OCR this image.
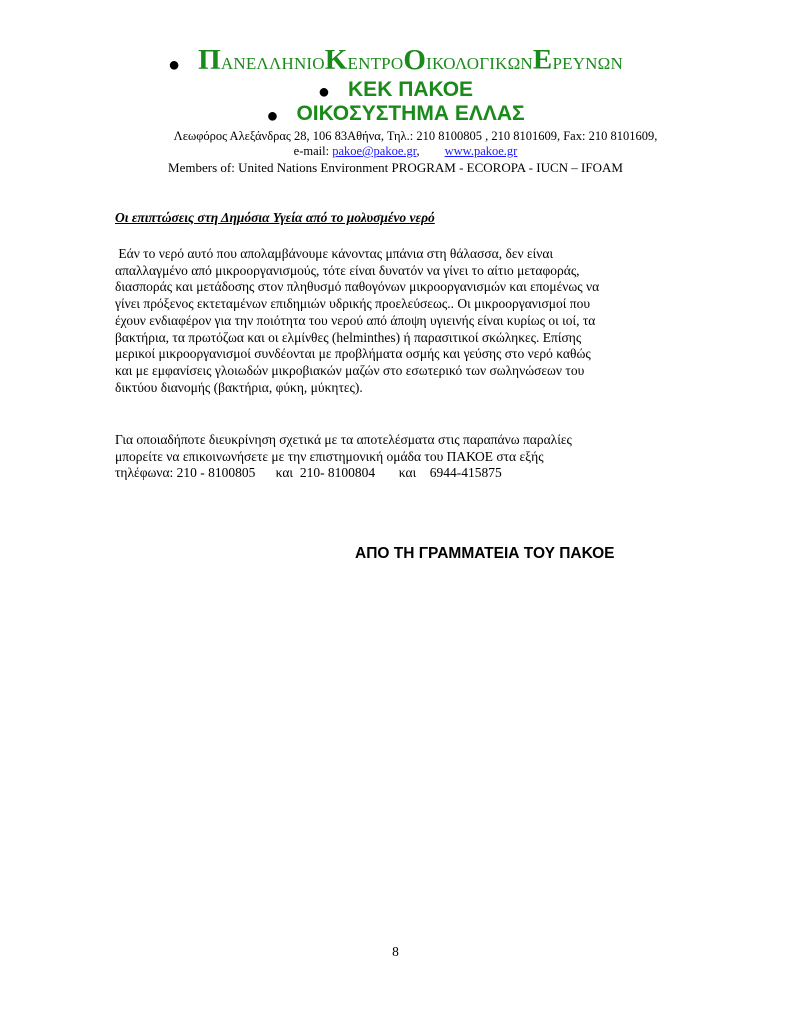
● ΠΑΝΕΛΛΗΝΙΟΚΕΝΤΡΟΟΙΚΟΛΟΓΙΚΩΝΕΡΕΥΝΩΝ
● ΚΕΚ ΠΑΚΟΕ
● ΟΙΚΟΣΥΣΤΗΜΑ ΕΛΛΑΣ
Λεωφόρος Αλεξάνδρας 28, 106 83Αθήνα, Τηλ.: 210 8100805 , 210 8101609, Fax: 210 8101609,
e-mail: pakoe@pakoe.gr,        www.pakoe.gr
Members of: United Nations Environment PROGRAM - ECOROPA - IUCN – IFOAM
Οι επιπτώσεις στη Δημόσια Υγεία από το μολυσμένο νερό
Εάν το νερό αυτό που απολαμβάνουμε κάνοντας μπάνια στη θάλασσα, δεν είναι
απαλλαγμένο από μικροοργανισμούς, τότε είναι δυνατόν να γίνει το αίτιο μεταφοράς,
διασποράς και μετάδοσης στον πληθυσμό παθογόνων μικροοργανισμών και επομένως να
γίνει πρόξενος εκτεταμένων επιδημιών υδρικής προελεύσεως.. Οι μικροοργανισμοί που
έχουν ενδιαφέρον για την ποιότητα του νερού από άποψη υγιεινής είναι κυρίως οι ιοί, τα
βακτήρια, τα πρωτόζωα και οι ελμίνθες (helminthes) ή παρασιτικοί σκώληκες. Επίσης
μερικοί μικροοργανισμοί συνδέονται με προβλήματα οσμής και γεύσης στο νερό καθώς
και με εμφανίσεις γλοιωδών μικροβιακών μαζών στο εσωτερικό των σωληνώσεων του
δικτύου διανομής (βακτήρια, φύκη, μύκητες).
Για οποιαδήποτε διευκρίνηση σχετικά με τα αποτελέσματα στις παραπάνω παραλίες
μπορείτε να επικοινωνήσετε με την επιστημονική ομάδα του ΠΑΚΟΕ στα εξής
τηλέφωνα: 210 - 8100805      και  210- 8100804       και    6944-415875
ΑΠΟ ΤΗ ΓΡΑΜΜΑΤΕΙΑ ΤΟΥ ΠΑΚΟΕ
8
